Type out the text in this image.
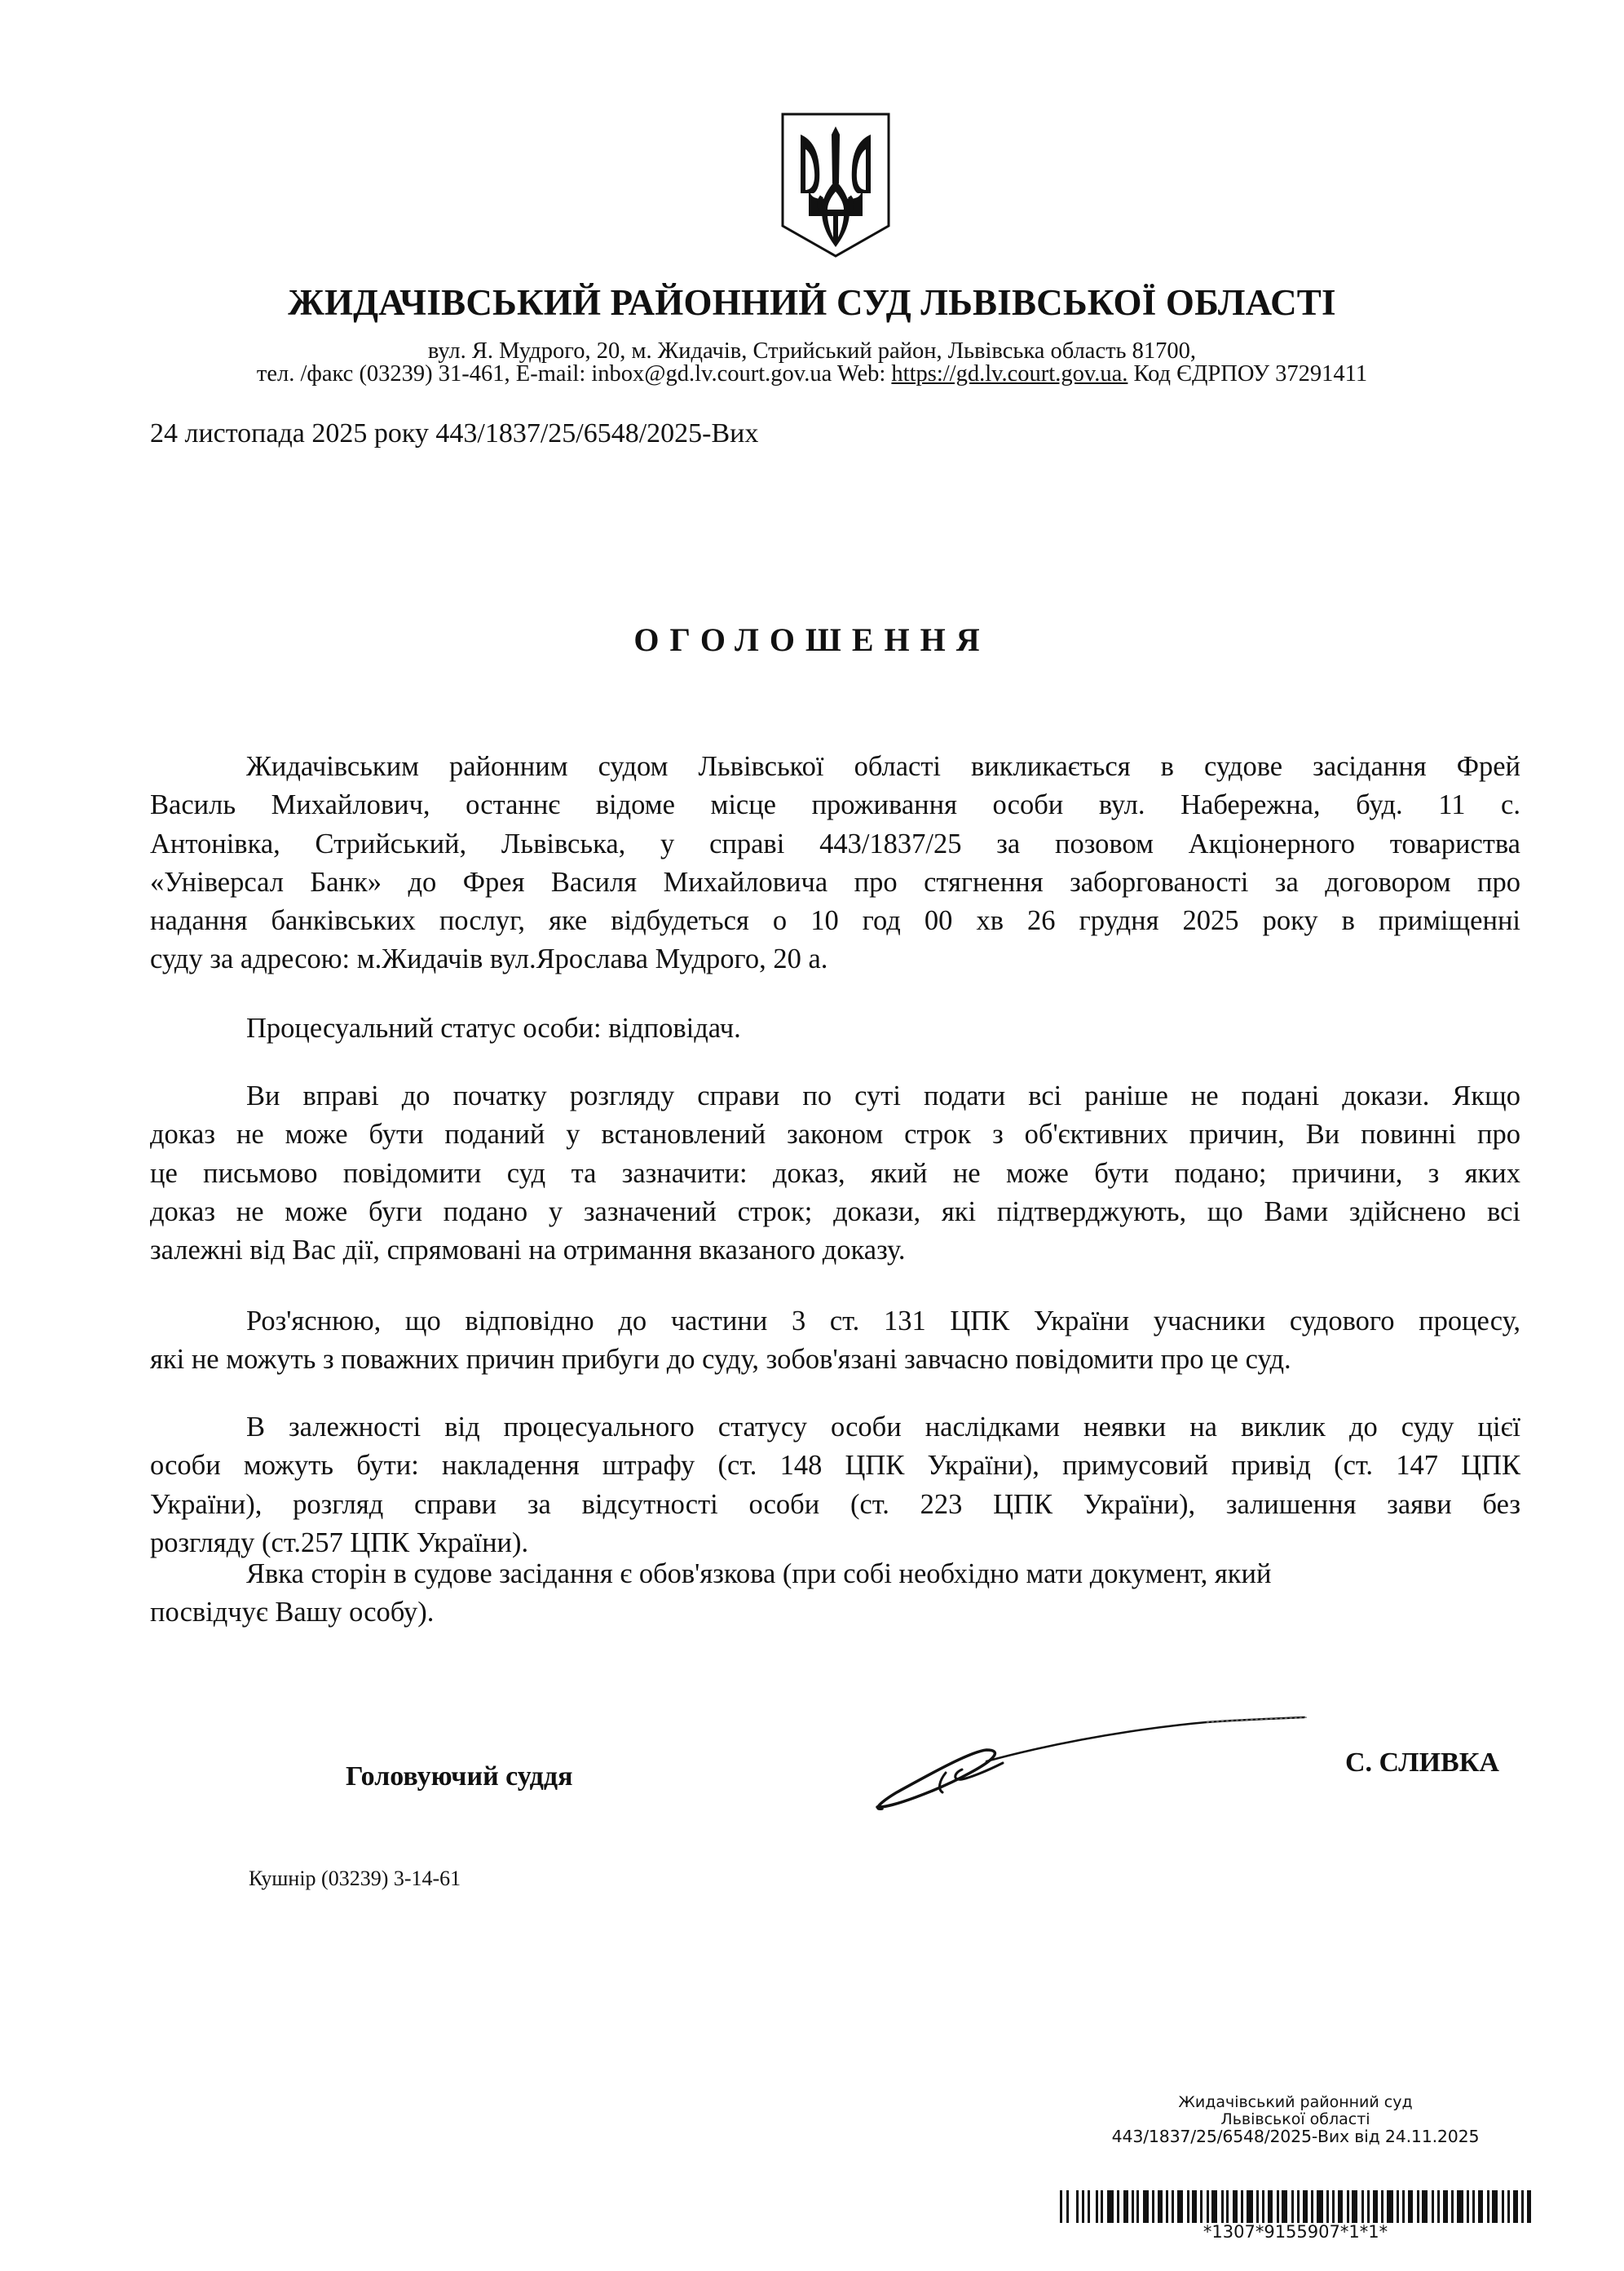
ЖИДАЧІВСЬКИЙ РАЙОННИЙ СУД ЛЬВІВСЬКОЇ ОБЛАСТІ
вул. Я. Мудрого, 20, м. Жидачів, Стрийський район, Львівська область 81700,
тел. /факс (03239) 31-461, E-mail: inbox@gd.lv.court.gov.ua Web: https://gd.lv.court.gov.ua. Код ЄДРПОУ 37291411
24 листопада 2025 року 443/1837/25/6548/2025-Вих
ОГОЛОШЕННЯ
Жидачівським районним судом Львівської області викликається в судове засідання Фрей
Василь Михайлович, останнє відоме місце проживання особи вул. Набережна, буд. 11 с.
Антонівка, Стрийський, Львівська, у справі 443/1837/25 за позовом Акціонерного товариства
«Універсал Банк» до Фрея Василя Михайловича про стягнення заборгованості за договором про
надання банківських послуг, яке відбудеться о 10 год 00 хв 26 грудня 2025 року в приміщенні
суду за адресою: м.Жидачів вул.Ярослава Мудрого, 20 а.
Процесуальний статус особи: відповідач.
Ви вправі до початку розгляду справи по суті подати всі раніше не подані докази. Якщо
доказ не може бути поданий у встановлений законом строк з об'єктивних причин, Ви повинні про
це письмово повідомити суд та зазначити: доказ, який не може бути подано; причини, з яких
доказ не може буги подано у зазначений строк; докази, які підтверджують, що Вами здійснено всі
залежні від Вас дії, спрямовані на отримання вказаного доказу.
Роз'яснюю, що відповідно до частини 3 ст. 131 ЦПК України учасники судового процесу,
які не можуть з поважних причин прибуги до суду, зобов'язані завчасно повідомити про це суд.
В залежності від процесуального статусу особи наслідками неявки на виклик до суду цієї
особи можуть бути: накладення штрафу (ст. 148 ЦПК України), примусовий привід (ст. 147 ЦПК
України), розгляд справи за відсутності особи (ст. 223 ЦПК України), залишення заяви без
розгляду (ст.257 ЦПК України).
Явка сторін в судове засідання є обов'язкова (при собі необхідно мати документ, який
посвідчує Вашу особу).
Головуючий суддя	С. СЛИВКА
Кушнір (03239) 3-14-61
Жидачівський районний суд
Львівської області
443/1837/25/6548/2025-Вих від 24.11.2025
*1307*9155907*1*1*
